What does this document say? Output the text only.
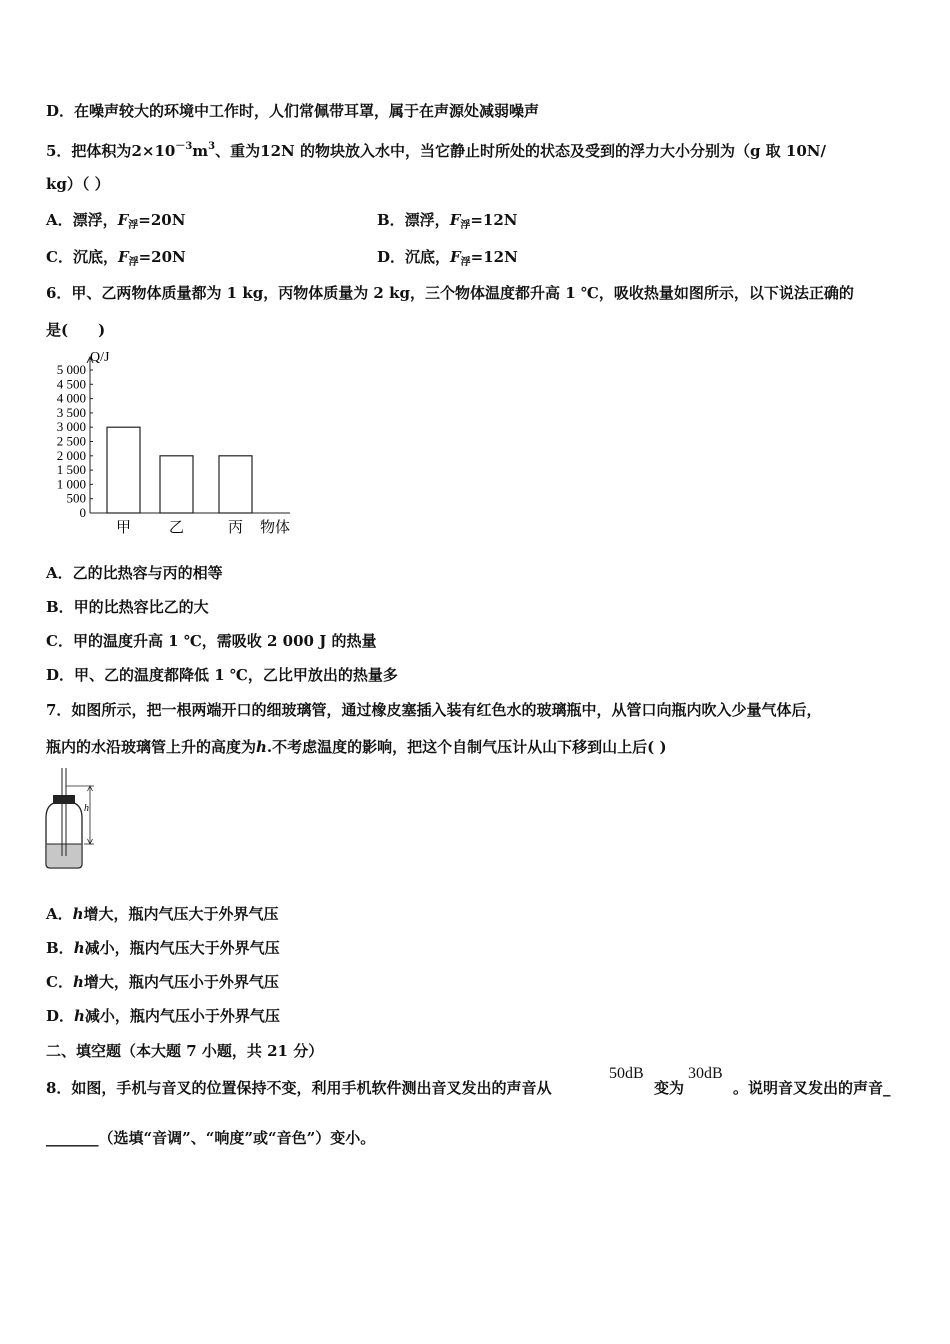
D．在噪声较大的环境中工作时，人们常佩带耳罩，属于在声源处减弱噪声
5．把体积为$2\times 10^{-3}m^3$、重为12N 的物块放入水中，当它静止时所处的状态及受到的浮力大小分别为（g 取 10N/
kg）（ ）
A．漂浮，$F_浮=20N$	B．漂浮，$F_浮=12N$
C．沉底，$F_浮=20N$	D．沉底，$F_浮=12N$
6．甲、乙两物体质量都为 1 kg，丙物体质量为 2 kg，三个物体温度都升高 1 ℃，吸收热量如图所示，以下说法正确的
是(　　)
0
500
1 000
1 500
2 000
2 500
3 000
3 500
4 000
4 500
5 000
甲	乙	丙
Q/J
物体
A．乙的比热容与丙的相等
B．甲的比热容比乙的大
C．甲的温度升高 1 ℃，需吸收 2 000 J 的热量
D．甲、乙的温度都降低 1 ℃，乙比甲放出的热量多
7．如图所示，把一根两端开口的细玻璃管，通过橡皮塞插入装有红色水的玻璃瓶中，从管口向瓶内吹入少量气体后，
瓶内的水沿玻璃管上升的高度为h.不考虑温度的影响，把这个自制气压计从山下移到山上后( )
h
A．h增大，瓶内气压大于外界气压
B．h减小，瓶内气压大于外界气压
C．h增大，瓶内气压小于外界气压
D．h减小，瓶内气压小于外界气压
二、填空题（本大题 7 小题，共 21 分）
8．如图，手机与音叉的位置保持不变，利用手机软件测出音叉发出的声音从
50dB
变为
30dB
。说明音叉发出的声音_
_______（选填“音调”、“响度”或“音色”）变小。
